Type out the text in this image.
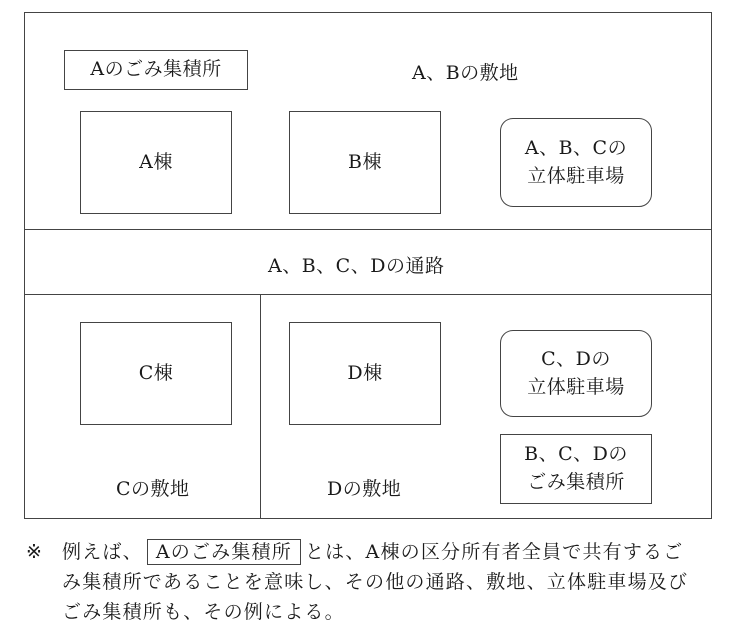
Aのごみ集積所	A、Bの敷地
A棟	B棟
A、B、Cの
立体駐車場
A、B、C、Dの通路
C棟
Cの敷地
D棟
Dの敷地
C、Dの
立体駐車場
B、C、Dの
ごみ集積所
※ 例えば、 Aのごみ集積所 とは、A棟の区分所有者全員で共有するご
み集積所であることを意味し、その他の通路、敷地、立体駐車場及び
ごみ集積所も、その例による。
